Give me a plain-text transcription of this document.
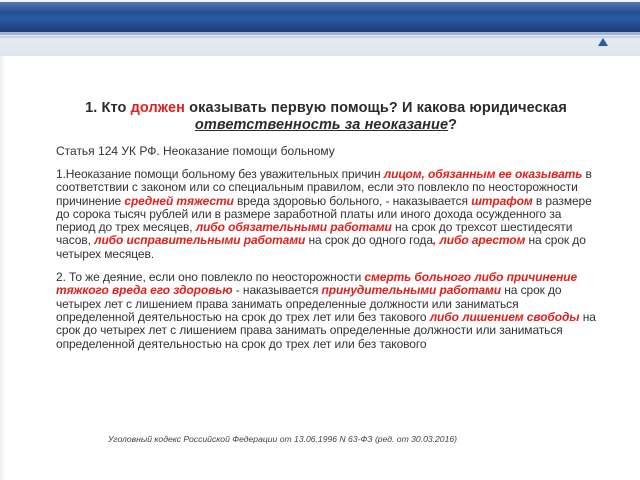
1. Кто должен оказывать первую помощь? И какова юридическая ответственность за неоказание?

Статья 124 УК РФ. Неоказание помощи больному

1.Неоказание помощи больному без уважительных причин лицом, обязанным ее оказывать в соответствии с законом или со специальным правилом, если это повлекло по неосторожности причинение средней тяжести вреда здоровью больного, - наказывается штрафом в размере до сорока тысяч рублей или в размере заработной платы или иного дохода осужденного за период до трех месяцев, либо обязательными работами на срок до трехсот шестидесяти часов, либо исправительными работами на срок до одного года, либо арестом на срок до четырех месяцев.

2. То же деяние, если оно повлекло по неосторожности смерть больного либо причинение тяжкого вреда его здоровью - наказывается принудительными работами на срок до четырех лет с лишением права занимать определенные должности или заниматься определенной деятельностью на срок до трех лет или без такового либо лишением свободы на срок до четырех лет с лишением права занимать определенные должности или заниматься определенной деятельностью на срок до трех лет или без такового

Уголовный кодекс Российской Федерации от 13.06.1996 N 63-ФЗ (ред. от 30.03.2016)
